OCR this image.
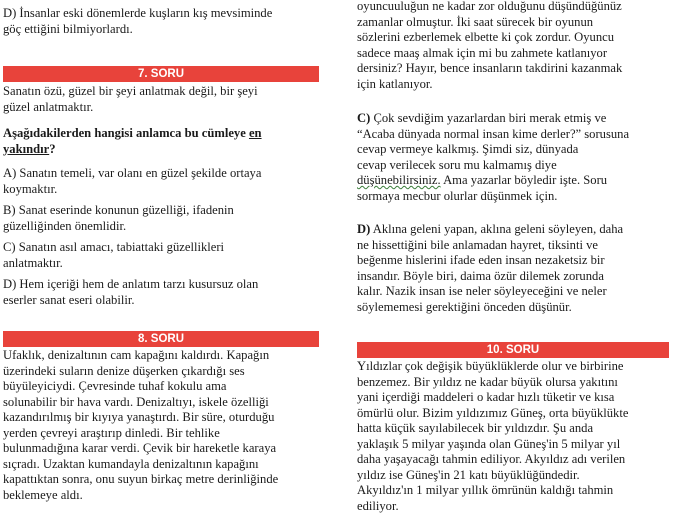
D) İnsanlar eski dönemlerde kuşların kış mevsiminde

göç ettiğini bilmiyorlardı.

7. SORU

Sanatın özü, güzel bir şeyi anlatmak değil, bir şeyi

güzel anlatmaktır.

Aşağıdakilerden hangisi anlamca bu cümleye en

yakındır?

A) Sanatın temeli, var olanı en güzel şekilde ortaya

koymaktır.

B) Sanat eserinde konunun güzelliği, ifadenin

güzelliğinden önemlidir.

C) Sanatın asıl amacı, tabiattaki güzellikleri

anlatmaktır.

D) Hem içeriği hem de anlatım tarzı kusursuz olan

eserler sanat eseri olabilir.

8. SORU

Ufaklık, denizaltının cam kapağını kaldırdı. Kapağın

üzerindeki suların denize düşerken çıkardığı ses

büyüleyiciydi. Çevresinde tuhaf kokulu ama

solunabilir bir hava vardı. Denizaltıyı, iskele özelliği

kazandırılmış bir kıyıya yanaştırdı. Bir süre, oturduğu

yerden çevreyi araştırıp dinledi. Bir tehlike

bulunmadığına karar verdi. Çevik bir hareketle karaya

sıçradı. Uzaktan kumandayla denizaltının kapağını

kapattıktan sonra, onu suyun birkaç metre derinliğinde

beklemeye aldı.

oyuncuuluğun ne kadar zor olduğunu düşündüğünüz

zamanlar olmuştur. İki saat sürecek bir oyunun

sözlerini ezberlemek elbette ki çok zordur. Oyuncu

sadece maaş almak için mi bu zahmete katlanıyor

dersiniz? Hayır, bence insanların takdirini kazanmak

için katlanıyor.

C) Çok sevdiğim yazarlardan biri merak etmiş ve

“Acaba dünyada normal insan kime derler?” sorusuna

cevap vermeye kalkmış. Şimdi siz, dünyada

cevap verilecek soru mu kalmamış diye

düşünebilirsiniz. Ama yazarlar böyledir işte. Soru

sormaya mecbur olurlar düşünmek için.

D) Aklına geleni yapan, aklına geleni söyleyen, daha

ne hissettiğini bile anlamadan hayret, tiksinti ve

beğenme hislerini ifade eden insan nezaketsiz bir

insandır. Böyle biri, daima özür dilemek zorunda

kalır. Nazik insan ise neler söyleyeceğini ve neler

söylememesi gerektiğini önceden düşünür.

10. SORU

Yıldızlar çok değişik büyüklüklerde olur ve birbirine

benzemez. Bir yıldız ne kadar büyük olursa yakıtını

yani içerdiği maddeleri o kadar hızlı tüketir ve kısa

ömürlü olur. Bizim yıldızımız Güneş, orta büyüklükte

hatta küçük sayılabilecek bir yıldızdır. Şu anda

yaklaşık 5 milyar yaşında olan Güneş'in 5 milyar yıl

daha yaşayacağı tahmin ediliyor. Akyıldız adı verilen

yıldız ise Güneş'in 21 katı büyüklüğündedir.

Akyıldız'ın 1 milyar yıllık ömrünün kaldığı tahmin

ediliyor.
